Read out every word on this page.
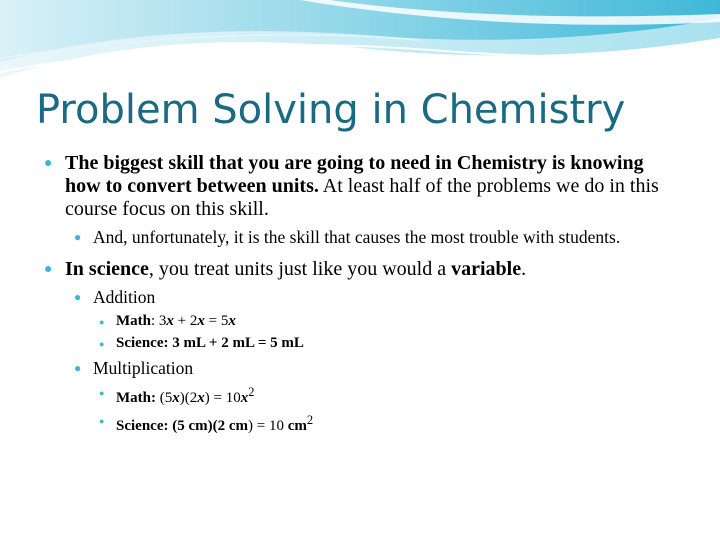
Problem Solving in Chemistry
● The biggest skill that you are going to need in Chemistry is knowing how to convert between units. At least half of the problems we do in this course focus on this skill.
● And, unfortunately, it is the skill that causes the most trouble with students.
● In science, you treat units just like you would a variable.
● Addition
● Math: 3x + 2x = 5x
● Science: 3 mL + 2 mL = 5 mL
● Multiplication
● Math: $(5x)(2x) = 10x^2$
● Science: (5 cm)(2 cm) = 10 $cm^2$
